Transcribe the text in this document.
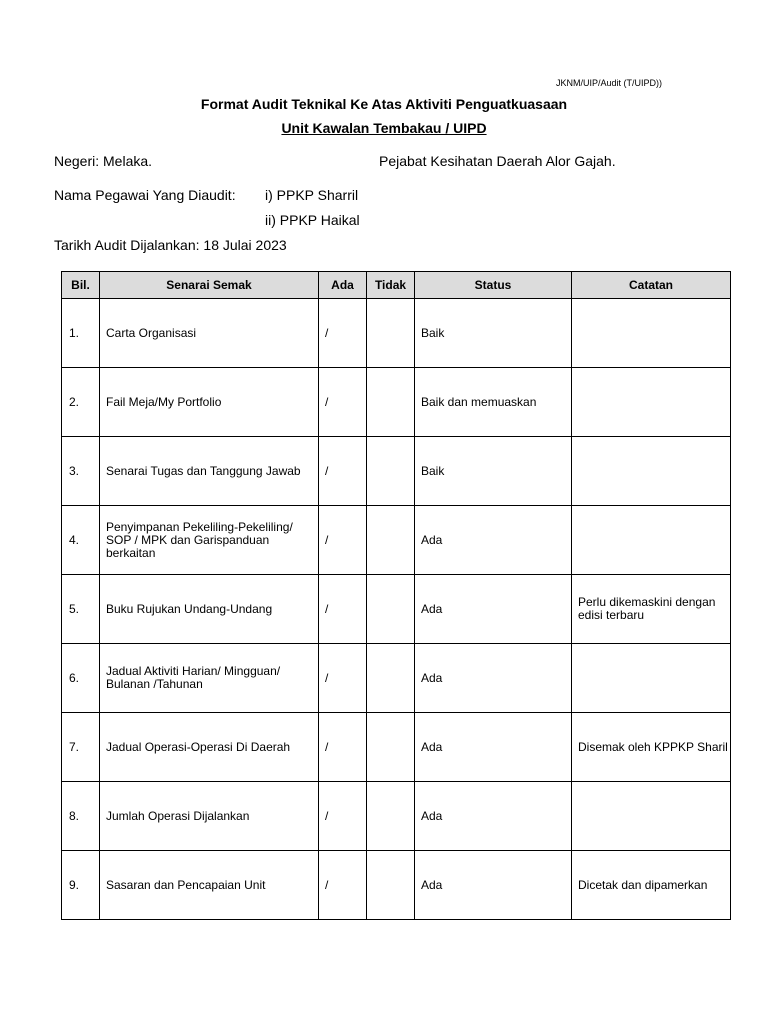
JKNM/UIP/Audit (T/UIPD))
Format Audit Teknikal Ke Atas Aktiviti Penguatkuasaan
Unit Kawalan Tembakau / UIPD
Negeri: Melaka.	Pejabat Kesihatan Daerah Alor Gajah.
Nama Pegawai Yang Diaudit: i) PPKP Sharril
ii) PPKP Haikal
Tarikh Audit Dijalankan: 18 Julai 2023
Bil.	Senarai Semak	Ada	Tidak	Status	Catatan
1.	Carta Organisasi	/		Baik	
2.	Fail Meja/My Portfolio	/		Baik dan memuaskan	
3.	Senarai Tugas dan Tanggung Jawab	/		Baik	
4.	Penyimpanan Pekeliling-Pekeliling/ SOP / MPK dan Garispanduan berkaitan	/		Ada	
5.	Buku Rujukan Undang-Undang	/		Ada	Perlu dikemaskini dengan edisi terbaru
6.	Jadual Aktiviti Harian/ Mingguan/ Bulanan /Tahunan	/		Ada	
7.	Jadual Operasi-Operasi Di Daerah	/		Ada	Disemak oleh KPPKP Sharil
8.	Jumlah Operasi Dijalankan	/		Ada	
9.	Sasaran dan Pencapaian Unit	/		Ada	Dicetak dan dipamerkan
